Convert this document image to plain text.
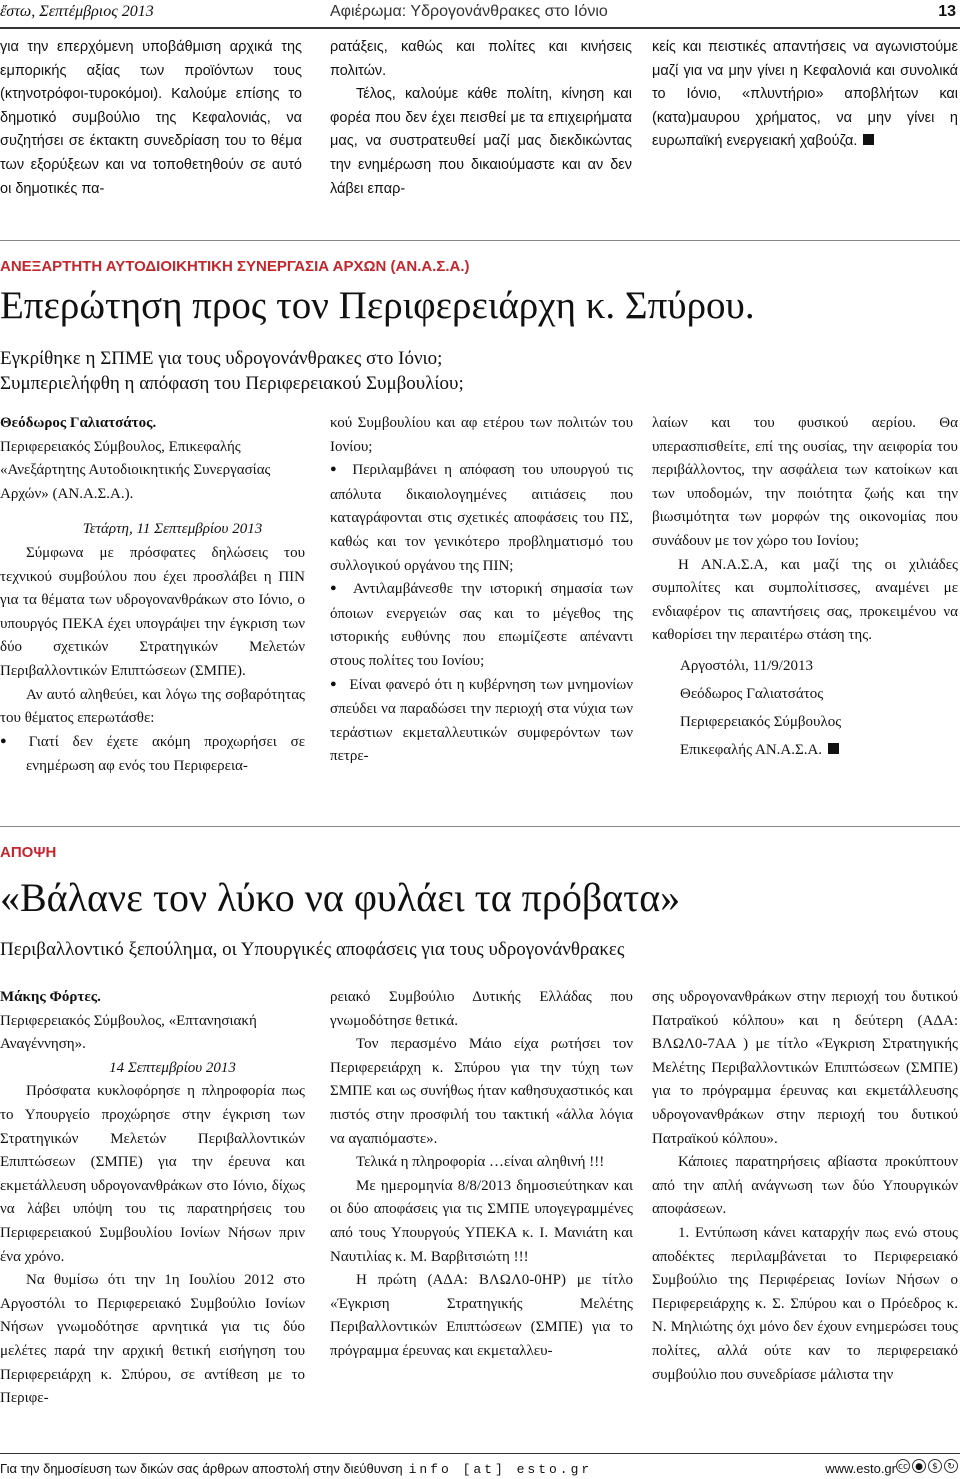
ἔστω, Σεπτέμβριος 2013	Αφιέρωμα: Υδρογονάνθρακες στο Ιόνιο	13

για την επερχόμενη υποβάθμιση αρχικά της εμπορικής αξίας των προϊόντων τους (κτηνοτρόφοι-τυροκόμοι). Καλούμε επίσης το δημοτικό συμβούλιο της Κεφαλονιάς, να συζητήσει σε έκτακτη συνεδρίαση του το θέμα των εξορύξεων και να τοποθετηθούν σε αυτό οι δημοτικές πα-

ρατάξεις, καθώς και πολίτες και κινήσεις πολιτών.

Τέλος, καλούμε κάθε πολίτη, κίνηση και φορέα που δεν έχει πεισθεί με τα επιχειρήματα μας, να συστρατευθεί μαζί μας διεκδικώντας την ενημέρωση που δικαιούμαστε και αν δεν λάβει επαρ-

κείς και πειστικές απαντήσεις να αγωνιστούμε μαζί για να μην γίνει η Κεφαλονιά και συνολικά το Ιόνιο, «πλυντήριο» αποβλήτων και (κατα)μαυρου χρήματος, να μην γίνει η ευρωπαϊκή ενεργειακή χαβούζα.

ΑΝΕΞΑΡΤΗΤΗ ΑΥΤΟΔΙΟΙΚΗΤΙΚΗ ΣΥΝΕΡΓΑΣΙΑ ΑΡΧΩΝ (ΑΝ.Α.Σ.Α.)
Επερώτηση προς τον Περιφερειάρχη κ. Σπύρου.
Εγκρίθηκε η ΣΠΜΕ για τους υδρογονάνθρακες στο Ιόνιο;
Συμπεριελήφθη η απόφαση του Περιφερειακού Συμβουλίου;

Θεόδωρος Γαλιατσάτος.

Περιφερειακός Σύμβουλος, Επικεφαλής «Ανεξάρτητης Αυτοδιοικητικής Συνεργασίας Αρχών» (ΑΝ.Α.Σ.Α.).

Τετάρτη, 11 Σεπτεμβρίου 2013

Σύμφωνα με πρόσφατες δηλώσεις του τεχνικού συμβούλου που έχει προσλάβει η ΠΙΝ για τα θέματα των υδρογονανθράκων στο Ιόνιο, ο υπουργός ΠΕΚΑ έχει υπογράψει την έγκριση των δύο σχετικών Στρατηγικών Μελετών Περιβαλλοντικών Επιπτώσεων (ΣΜΠΕ).

Αν αυτό αληθεύει, και λόγω της σοβαρότητας του θέματος επερωτάσθε:

● Γιατί δεν έχετε ακόμη προχωρήσει σε ενημέρωση αφ ενός του Περιφερεια-

κού Συμβουλίου και αφ ετέρου των πολιτών του Ιονίου;

● Περιλαμβάνει η απόφαση του υπουργού τις απόλυτα δικαιολογημένες αιτιάσεις που καταγράφονται στις σχετικές αποφάσεις του ΠΣ, καθώς και τον γενικότερο προβληματισμό του συλλογικού οργάνου της ΠΙΝ;

● Αντιλαμβάνεσθε την ιστορική σημασία των όποιων ενεργειών σας και το μέγεθος της ιστορικής ευθύνης που επωμίζεστε απέναντι στους πολίτες του Ιονίου;

● Είναι φανερό ότι η κυβέρνηση των μνημονίων σπεύδει να παραδώσει την περιοχή στα νύχια των τεράστιων εκμεταλλευτικών συμφερόντων των πετρε-

λαίων και του φυσικού αερίου. Θα υπερασπισθείτε, επί της ουσίας, την αειφορία του περιβάλλοντος, την ασφάλεια των κατοίκων και των υποδομών, την ποιότητα ζωής και την βιωσιμότητα των μορφών της οικονομίας που συνάδουν με τον χώρο του Ιονίου;

Η ΑΝ.Α.Σ.Α, και μαζί της οι χιλιάδες συμπολίτες και συμπολίτισσες, αναμένει με ενδιαφέρον τις απαντήσεις σας, προκειμένου να καθορίσει την περαιτέρω στάση της.

Αργοστόλι, 11/9/2013
Θεόδωρος Γαλιατσάτος
Περιφερειακός Σύμβουλος
Επικεφαλής ΑΝ.Α.Σ.Α.
ΑΠΟΨΗ
«Βάλανε τον λύκο να φυλάει τα πρόβατα»
Περιβαλλοντικό ξεπούλημα, οι Υπουργικές αποφάσεις για τους υδρογονάνθρακες

Μάκης Φόρτες.

Περιφερειακός Σύμβουλος, «Επτανησιακή Αναγέννηση».

14 Σεπτεμβρίου 2013

Πρόσφατα κυκλοφόρησε η πληροφορία πως το Υπουργείο προχώρησε στην έγκριση των Στρατηγικών Μελετών Περιβαλλοντικών Επιπτώσεων (ΣΜΠΕ) για την έρευνα και εκμετάλλευση υδρογονανθράκων στο Ιόνιο, δίχως να λάβει υπόψη του τις παρατηρήσεις του Περιφερειακού Συμβουλίου Ιονίων Νήσων πριν ένα χρόνο.

Να θυμίσω ότι την 1η Ιουλίου 2012 στο Αργοστόλι το Περιφερειακό Συμβούλιο Ιονίων Νήσων γνωμοδότησε αρνητικά για τις δύο μελέτες παρά την αρχική θετική εισήγηση του Περιφερειάρχη κ. Σπύρου, σε αντίθεση με το Περιφε-

ρειακό Συμβούλιο Δυτικής Ελλάδας που γνωμοδότησε θετικά.

Τον περασμένο Μάιο είχα ρωτήσει τον Περιφερειάρχη κ. Σπύρου για την τύχη των ΣΜΠΕ και ως συνήθως ήταν καθησυχαστικός και πιστός στην προσφιλή του τακτική «άλλα λόγια να αγαπιόμαστε».

Τελικά η πληροφορία …είναι αληθινή !!!

Με ημερομηνία 8/8/2013 δημοσιεύτηκαν και οι δύο αποφάσεις για τις ΣΜΠΕ υπογεγραμμένες από τους Υπουργούς ΥΠΕΚΑ κ. Ι. Μανιάτη και Ναυτιλίας κ. Μ. Βαρβιτσιώτη !!!

Η πρώτη (ΑΔΑ: ΒΛΩΛ0-0ΗΡ) με τίτλο «Έγκριση Στρατηγικής Μελέτης Περιβαλλοντικών Επιπτώσεων (ΣΜΠΕ) για το πρόγραμμα έρευνας και εκμεταλλευ-

σης υδρογονανθράκων στην περιοχή του δυτικού Πατραϊκού κόλπου» και η δεύτερη (ΑΔΑ: ΒΛΩΛ0-7ΑΑ ) με τίτλο «Έγκριση Στρατηγικής Μελέτης Περιβαλλοντικών Επιπτώσεων (ΣΜΠΕ) για το πρόγραμμα έρευνας και εκμετάλλευσης υδρογονανθράκων στην περιοχή του δυτικού Πατραϊκού κόλπου».

Κάποιες παρατηρήσεις αβίαστα προκύπτουν από την απλή ανάγνωση των δύο Υπουργικών αποφάσεων.

1. Εντύπωση κάνει καταρχήν πως ενώ στους αποδέκτες περιλαμβάνεται το Περιφερειακό Συμβούλιο της Περιφέρειας Ιονίων Νήσων ο Περιφερειάρχης κ. Σ. Σπύρου και ο Πρόεδρος κ. Ν. Μηλιώτης όχι μόνο δεν έχουν ενημερώσει τους πολίτες, αλλά ούτε καν το περιφερειακό συμβούλιο που συνεδρίασε μάλιστα την

Για την δημοσίευση των δικών σας άρθρων αποστολή στην διεύθυνση info [at] esto.gr	www.esto.gr cc ●	$	↻
